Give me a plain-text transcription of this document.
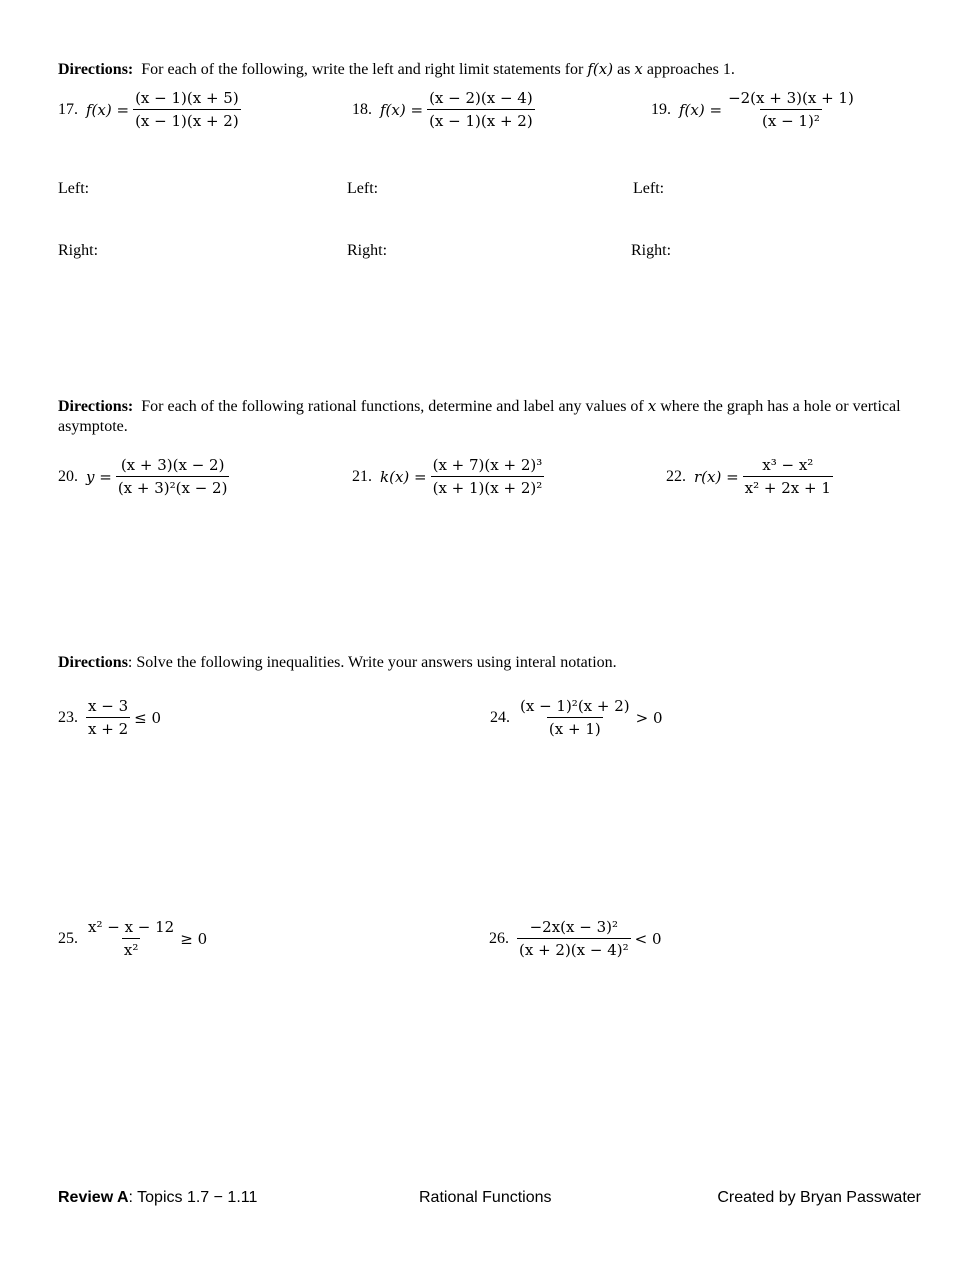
Directions: For each of the following, write the left and right limit statements for f(x) as x approaches 1.
17. $f(x) = \frac{(x - 1)(x + 5)}{(x - 1)(x + 2)}$	18. $f(x) = \frac{(x - 2)(x - 4)}{(x - 1)(x + 2)}$	19. $f(x) = \frac{-2(x + 3)(x + 1)}{\text{(x − 1)²}}$
Left:	Left:	Left:
Right:	Right:	Right:
Directions: For each of the following rational functions, determine and label any values of x where the graph has a hole or vertical asymptote.
20. $y = \frac{(x + 3)(x - 2)}{\text{(x + 3)²(x − 2)}}$	21. $k(x) = \frac{\text{(x + 7)(x + 2)³}}{\text{(x + 1)(x + 2)²}}$	22. $r(x) = \frac{\text{x³ − x²}}{\text{x² + 2x + 1}}$
Directions: Solve the following inequalities. Write your answers using interal notation.
23. $\frac{x - 3}{x + 2} \le 0$	24. $\frac{\text{(x − 1)²(x + 2)}}{(x + 1)} > 0$
25. $\frac{\text{x² − x − 12}}{\text{x²}} \ge 0$	26. $\frac{\text{−2x(x − 3)²}}{\text{(x + 2)(x − 4)²}} < 0$
Review A: Topics 1.7 − 1.11	Rational Functions	Created by Bryan Passwater
